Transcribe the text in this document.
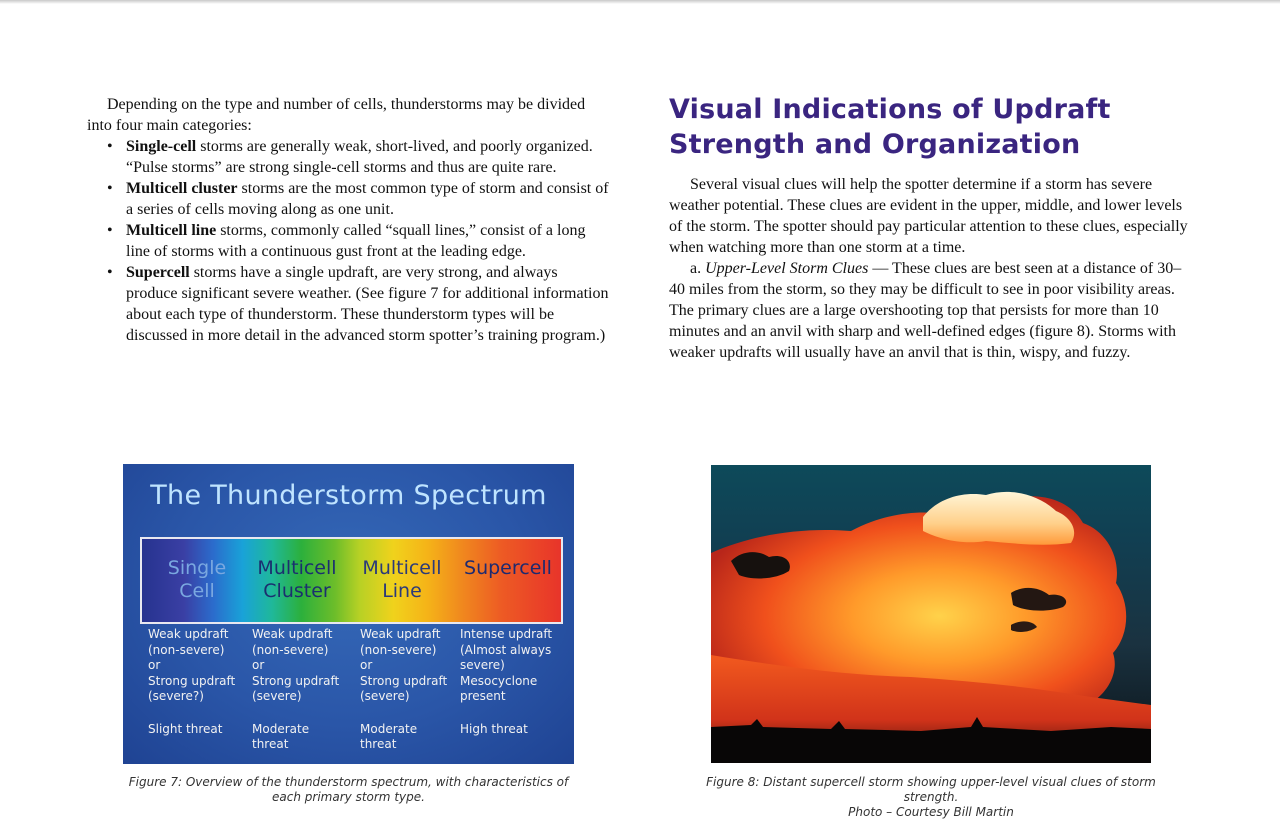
Depending on the type and number of cells, thunderstorms may be divided into four main categories:

• Single-cell storms are generally weak, short-lived, and poorly organized. “Pulse storms” are strong single-cell storms and thus are quite rare.
• Multicell cluster storms are the most common type of storm and consist of a series of cells moving along as one unit.
• Multicell line storms, commonly called “squall lines,” consist of a long line of storms with a continuous gust front at the leading edge.
• Supercell storms have a single updraft, are very strong, and always produce significant severe weather. (See figure 7 for additional information about each type of thunderstorm. These thunderstorm types will be discussed in more detail in the advanced storm spotter’s training program.)
Visual Indications of Updraft Strength and Organization

Several visual clues will help the spotter determine if a storm has severe weather potential. These clues are evident in the upper, middle, and lower levels of the storm. The spotter should pay particular attention to these clues, especially when watching more than one storm at a time.

a. Upper-Level Storm Clues — These clues are best seen at a distance of 30–40 miles from the storm, so they may be difficult to see in poor visibility areas. The primary clues are a large overshooting top that persists for more than 10 minutes and an anvil with sharp and well-defined edges (figure 8). Storms with weaker updrafts will usually have an anvil that is thin, wispy, and fuzzy.

The Thunderstorm Spectrum
Single
Cell
Multicell
Cluster
Multicell
Line
Supercell
Weak updraft
(non-severe)
or
Strong updraft
(severe?)
Weak updraft
(non-severe)
or
Strong updraft
(severe)
Weak updraft
(non-severe)
or
Strong updraft
(severe)
Intense updraft
(Almost always
severe)
Mesocyclone
present
Slight threat Moderate
threat
Moderate
threat
High threat
Figure 7: Overview of the thunderstorm spectrum, with characteristics of each primary storm type.
Figure 8: Distant supercell storm showing upper-level visual clues of storm strength.
Photo – Courtesy Bill Martin
